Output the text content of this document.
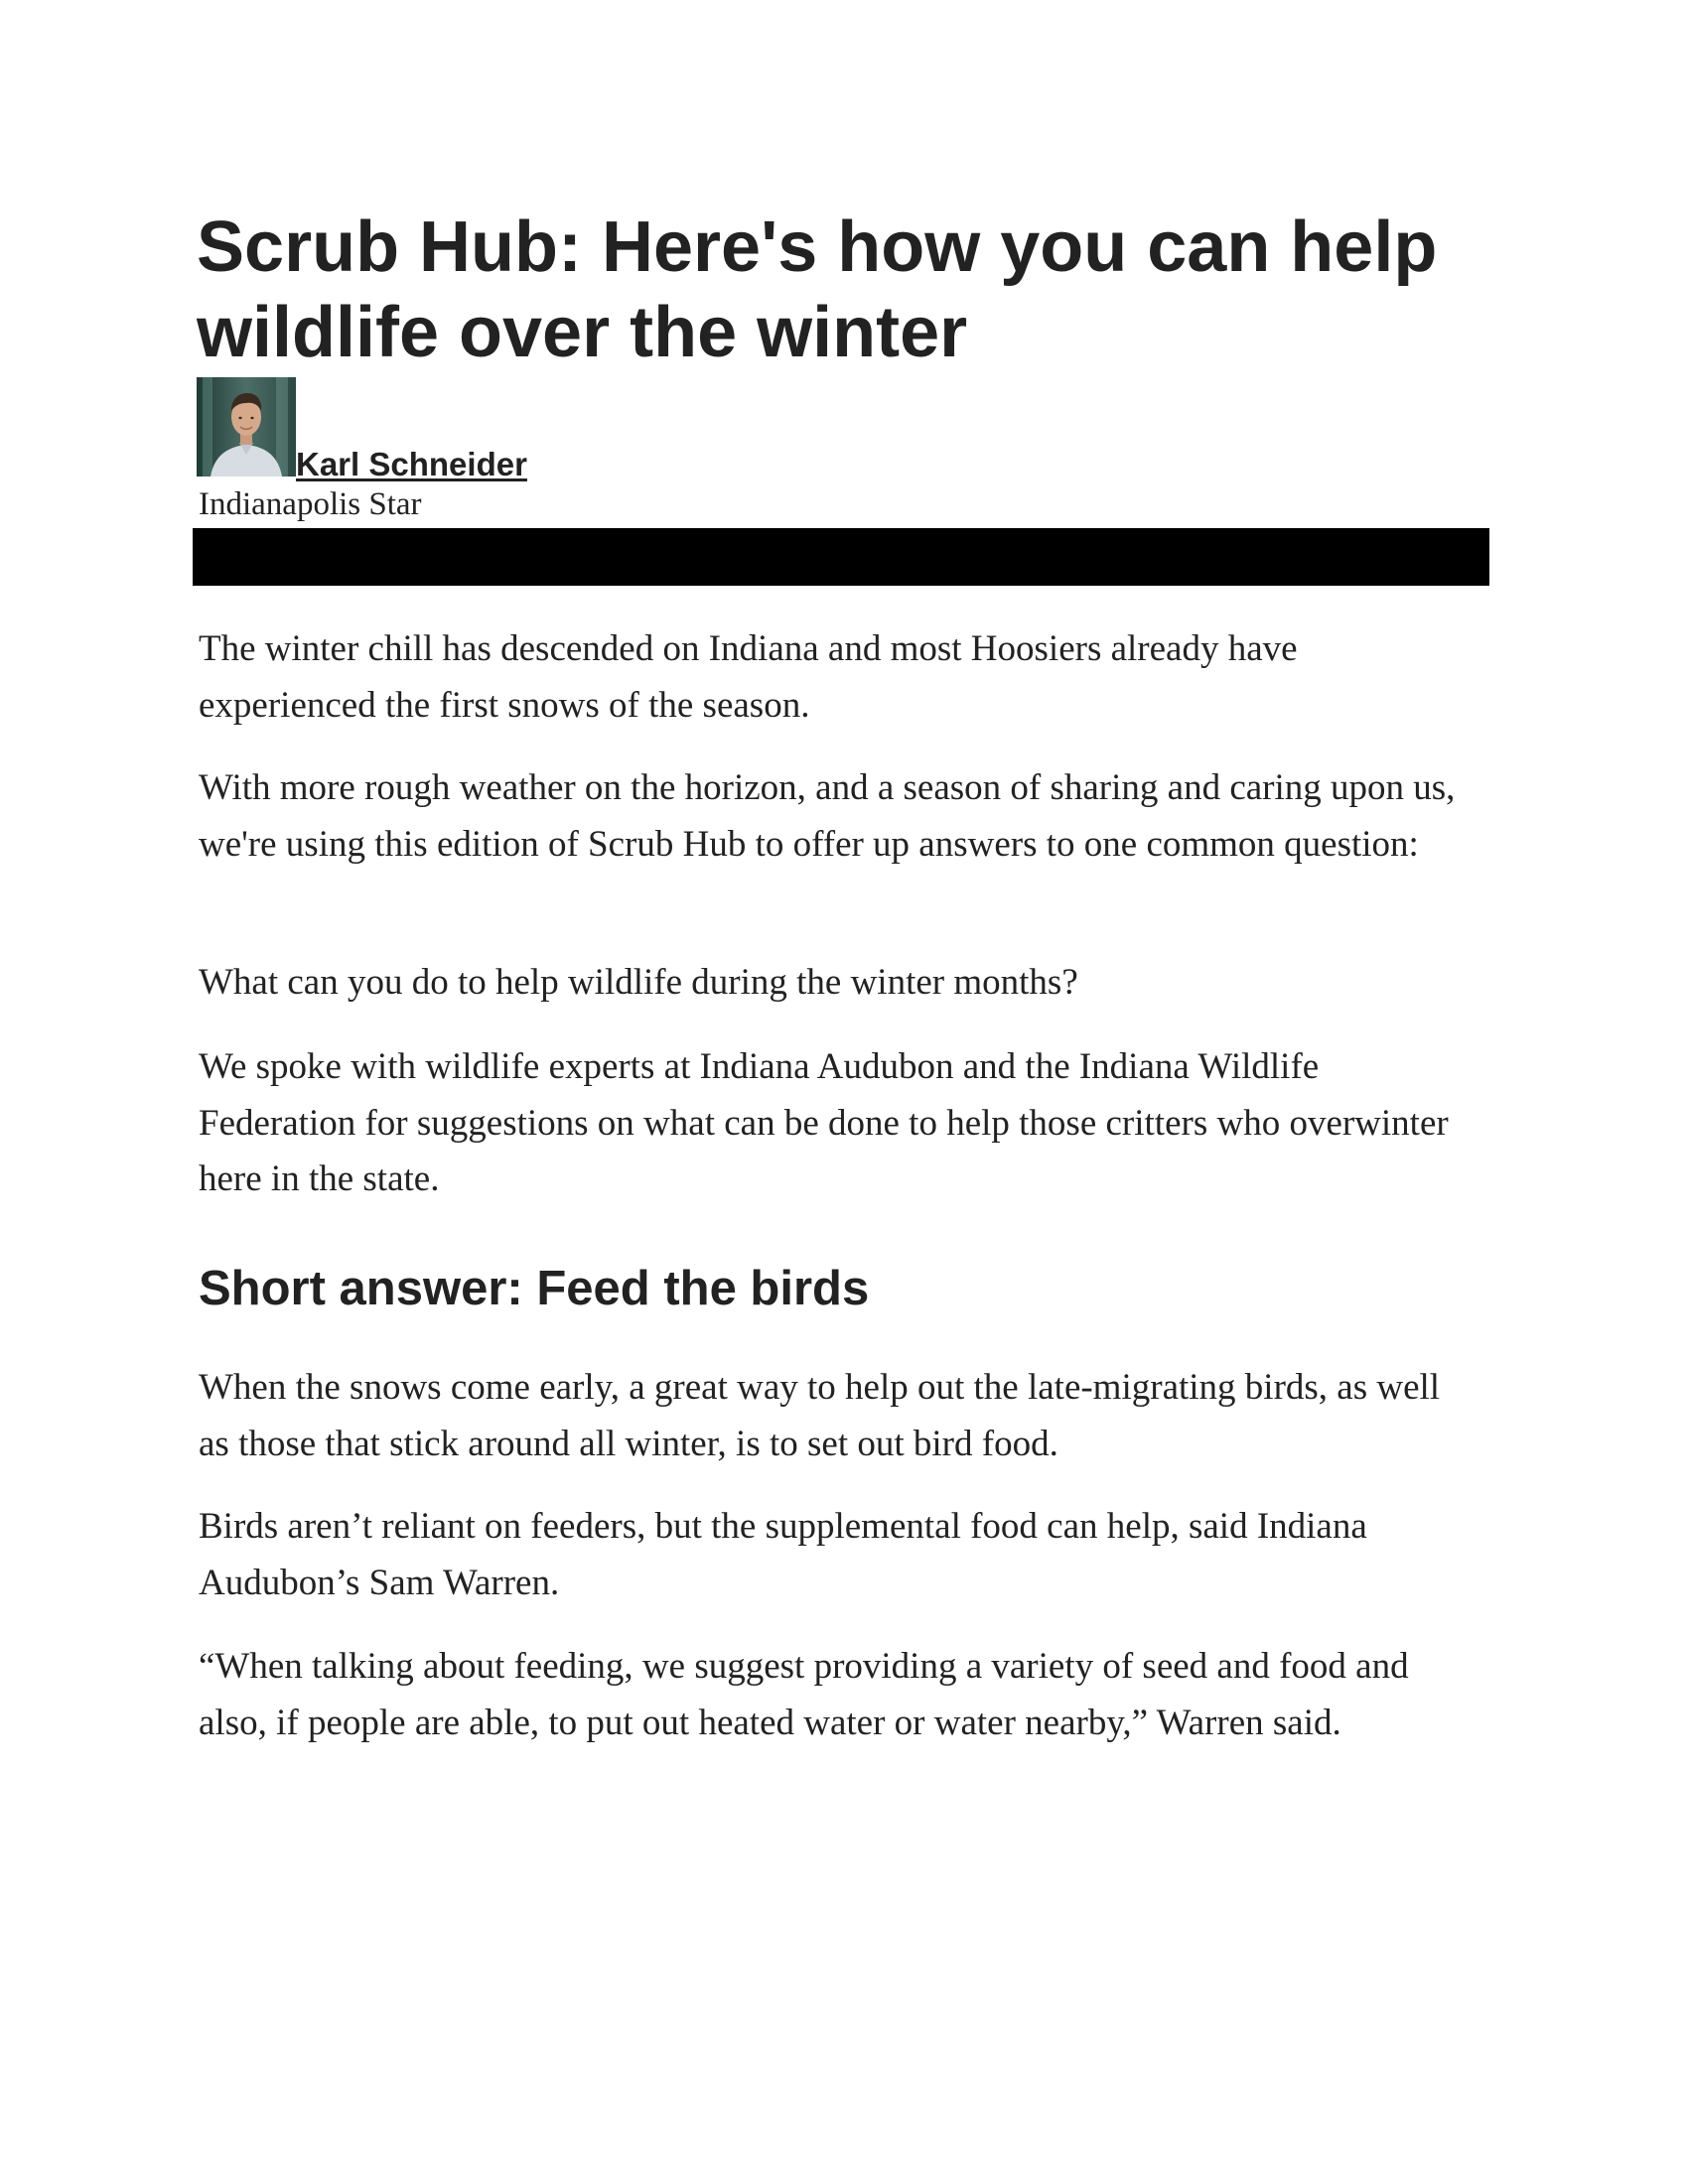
Scrub Hub: Here's how you can help wildlife over the winter
Karl Schneider
Indianapolis Star

The winter chill has descended on Indiana and most Hoosiers already have experienced the first snows of the season.

With more rough weather on the horizon, and a season of sharing and caring upon us, we're using this edition of Scrub Hub to offer up answers to one common question:

What can you do to help wildlife during the winter months?

We spoke with wildlife experts at Indiana Audubon and the Indiana Wildlife Federation for suggestions on what can be done to help those critters who overwinter here in the state.

Short answer: Feed the birds

When the snows come early, a great way to help out the late-migrating birds, as well as those that stick around all winter, is to set out bird food.

Birds aren’t reliant on feeders, but the supplemental food can help, said Indiana Audubon’s Sam Warren.

“When talking about feeding, we suggest providing a variety of seed and food and also, if people are able, to put out heated water or water nearby,” Warren said.
